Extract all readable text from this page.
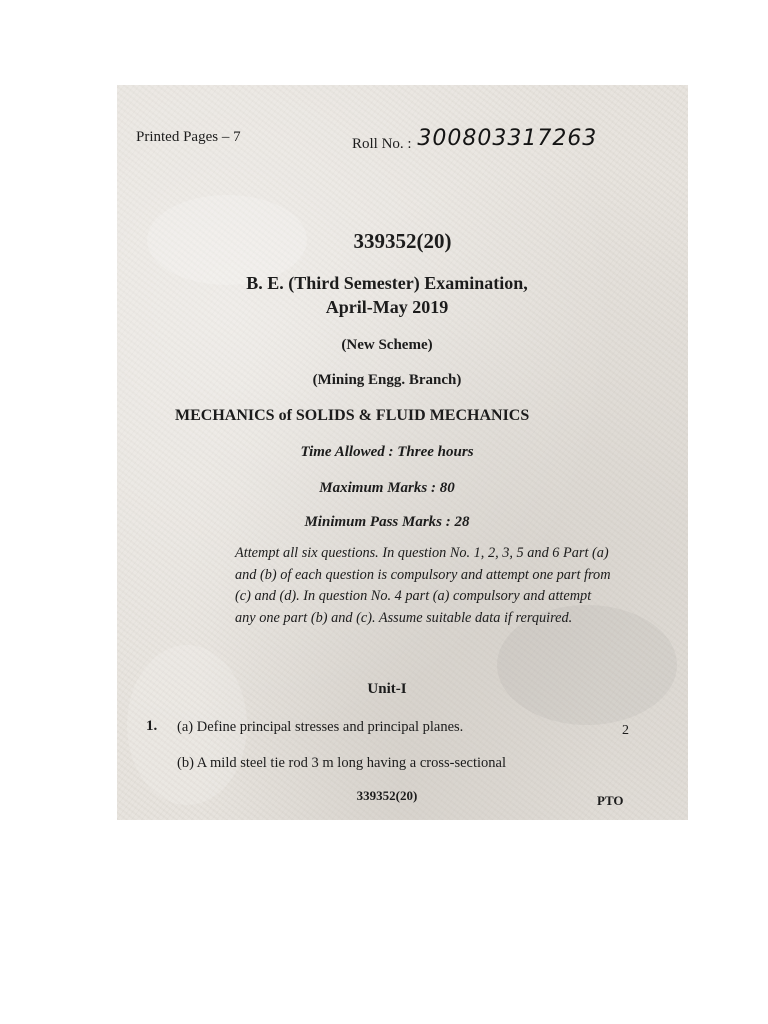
Printed Pages – 7	Roll No. : 300803317263
339352(20)
B. E. (Third Semester) Examination,
April-May 2019
(New Scheme)
(Mining Engg. Branch)
MECHANICS of SOLIDS & FLUID MECHANICS
Time Allowed : Three hours
Maximum Marks : 80
Minimum Pass Marks : 28
Attempt all six questions. In question No. 1, 2, 3, 5 and 6 Part (a) and (b) of each question is compulsory and attempt one part from (c) and (d). In question No. 4 part (a) compulsory and attempt any one part (b) and (c). Assume suitable data if rerquired.
Unit-I
1. (a) Define principal stresses and principal planes.	2
(b) A mild steel tie rod 3 m long having a cross-sectional
339352(20)	PTO
